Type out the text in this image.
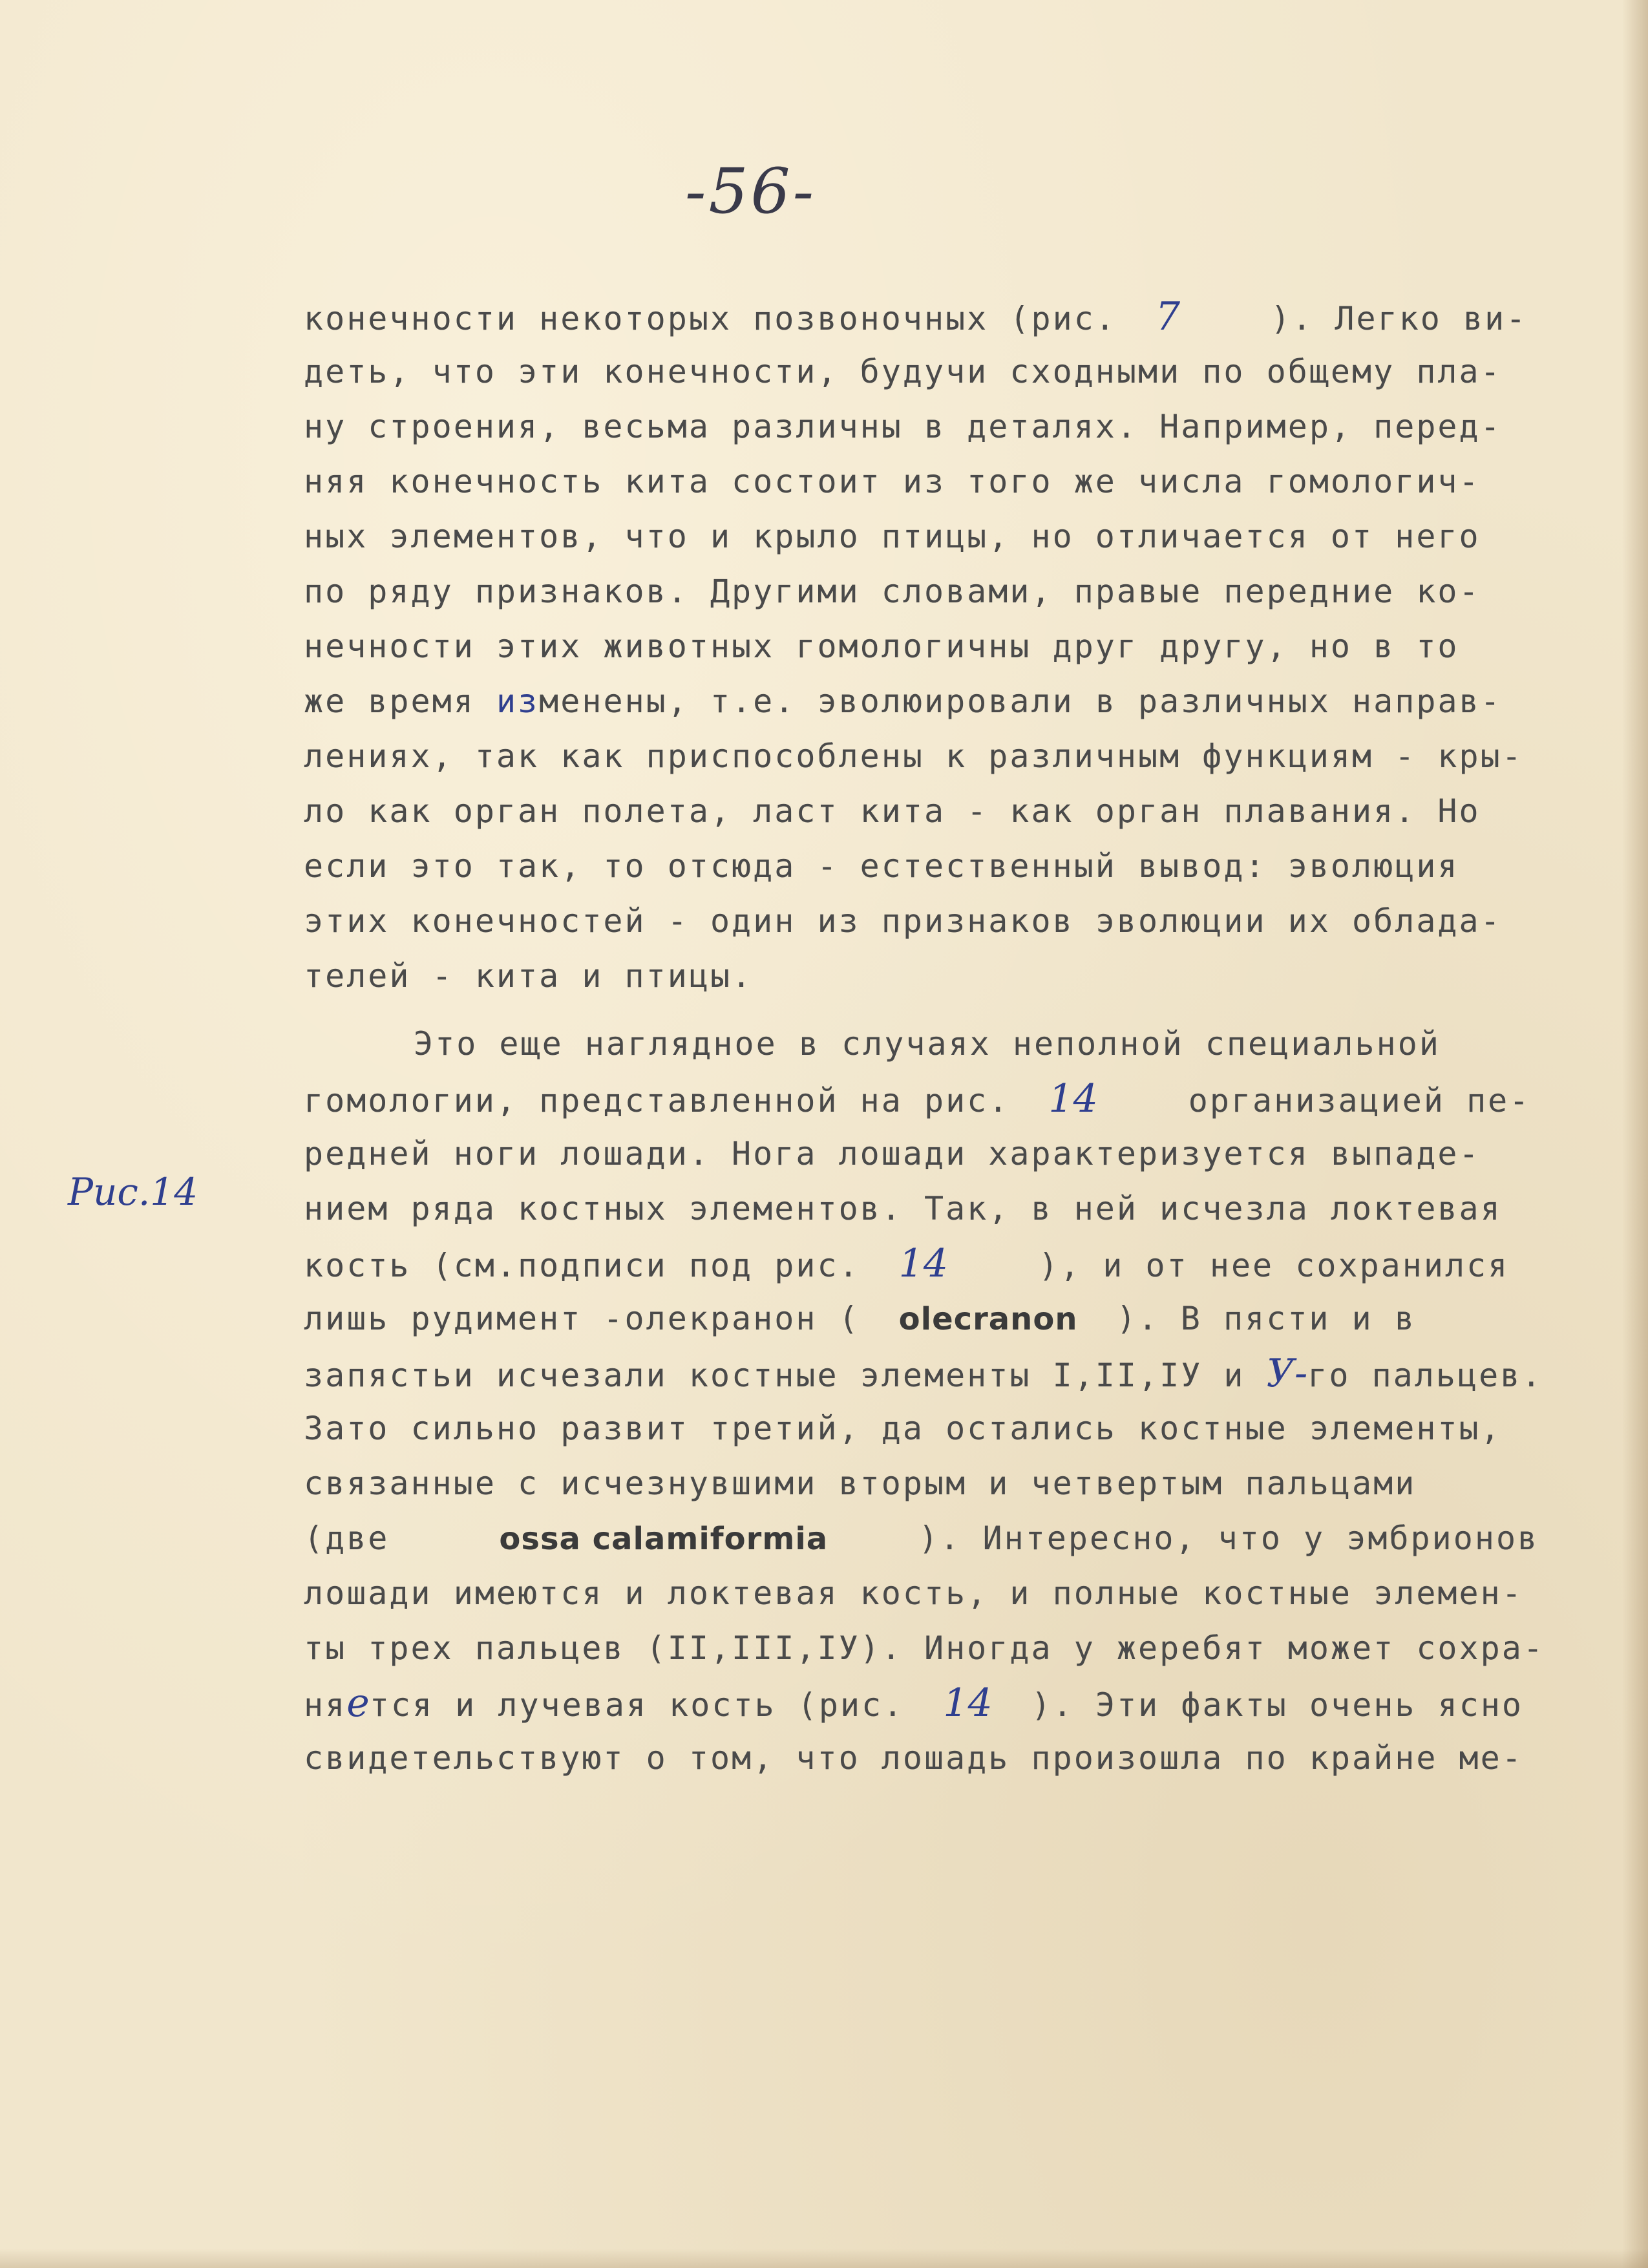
-56-
Рис.14
конечности некоторых позвоночных (рис. 7	). Легко ви-
деть, что эти конечности, будучи сходными по общему пла-
ну строения, весьма различны в деталях. Например, перед-
няя конечность кита состоит из того же числа гомологич-
ных элементов, что и крыло птицы, но отличается от него
по ряду признаков. Другими словами, правые передние ко-
нечности этих животных гомологичны друг другу, но в то
же время изменены, т.е. эволюировали в различных направ-
лениях, так как приспособлены к различным функциям - кры-
ло как орган полета, ласт кита - как орган плавания. Но
если это так, то отсюда - естественный вывод: эволюция
этих конечностей - один из признаков эволюции их облада-
телей - кита и птицы.
Это еще наглядное в случаях неполной специальной
гомологии, представленной на рис. 14	организацией пе-
редней ноги лошади. Нога лошади характеризуется выпаде-
нием ряда костных элементов. Так, в ней исчезла локтевая
кость (см.подписи под рис. 14	), и от нее сохранился
лишь рудимент -олекранон ( olecranon ). В пясти и в
запястьи исчезали костные элементы I,II,IУ и У-го пальцев.
Зато сильно развит третий, да остались костные элементы,
связанные с исчезнувшими вторым и четвертым пальцами
(две	ossa calamiformia	). Интересно, что у эмбрионов
лошади имеются и локтевая кость, и полные костные элемен-
ты трех пальцев (II,III,IУ). Иногда у жеребят может сохра-
няется и лучевая кость (рис. 14 ). Эти факты очень ясно
свидетельствуют о том, что лошадь произошла по крайне ме-
